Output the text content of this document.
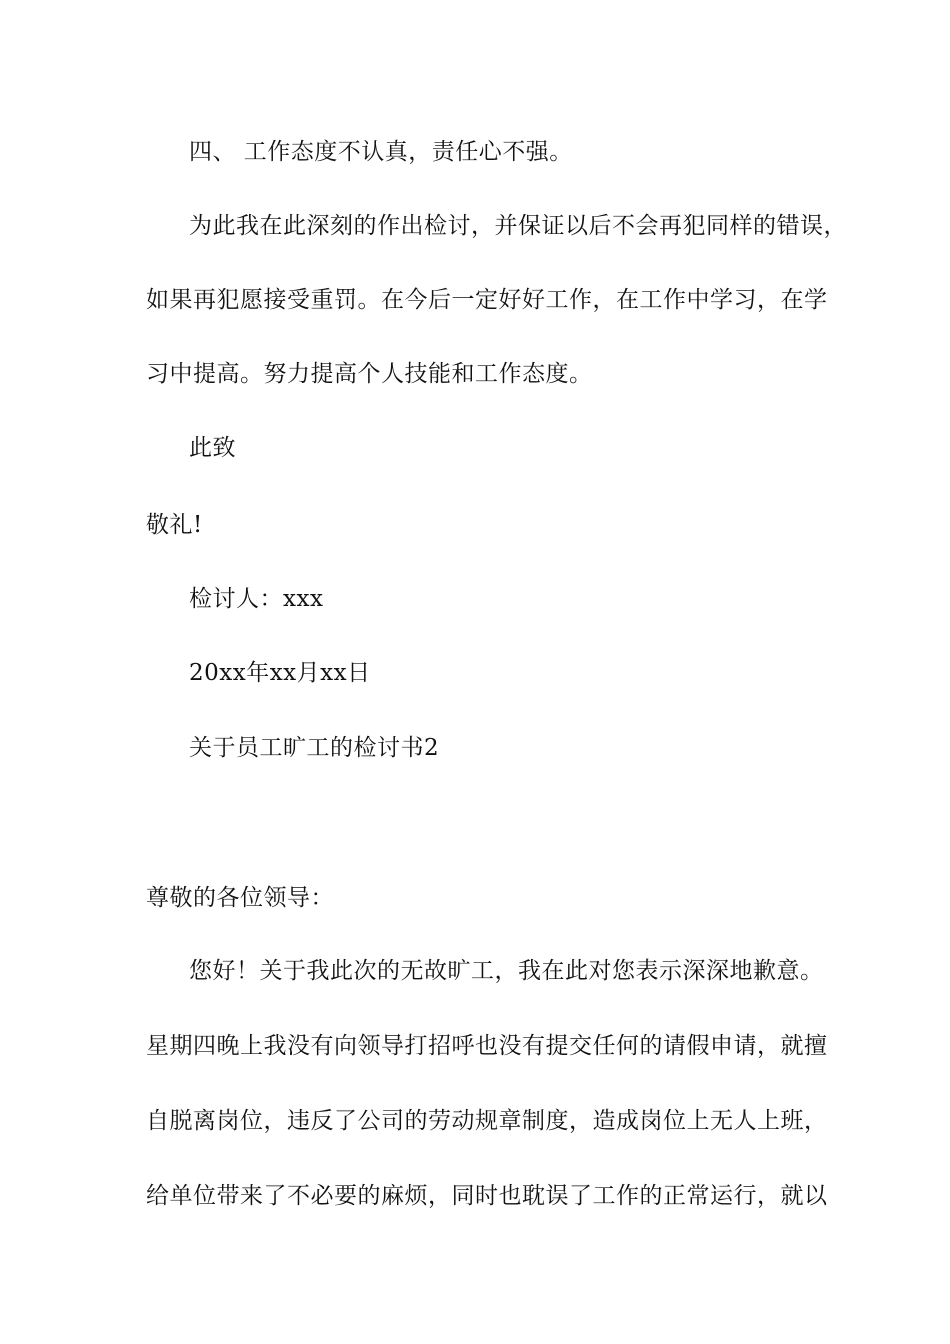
四、 工作态度不认真，责任心不强。
为此我在此深刻的作出检讨，并保证以后不会再犯同样的错误，
如果再犯愿接受重罚。在今后一定好好工作，在工作中学习，在学
习中提高。努力提高个人技能和工作态度。
此致
敬礼!
检讨人：xxx
20xx年xx月xx日
关于员工旷工的检讨书2
尊敬的各位领导：
您好！关于我此次的无故旷工，我在此对您表示深深地歉意。
星期四晚上我没有向领导打招呼也没有提交任何的请假申请，就擅
自脱离岗位，违反了公司的劳动规章制度，造成岗位上无人上班，
给单位带来了不必要的麻烦，同时也耽误了工作的正常运行，就以
